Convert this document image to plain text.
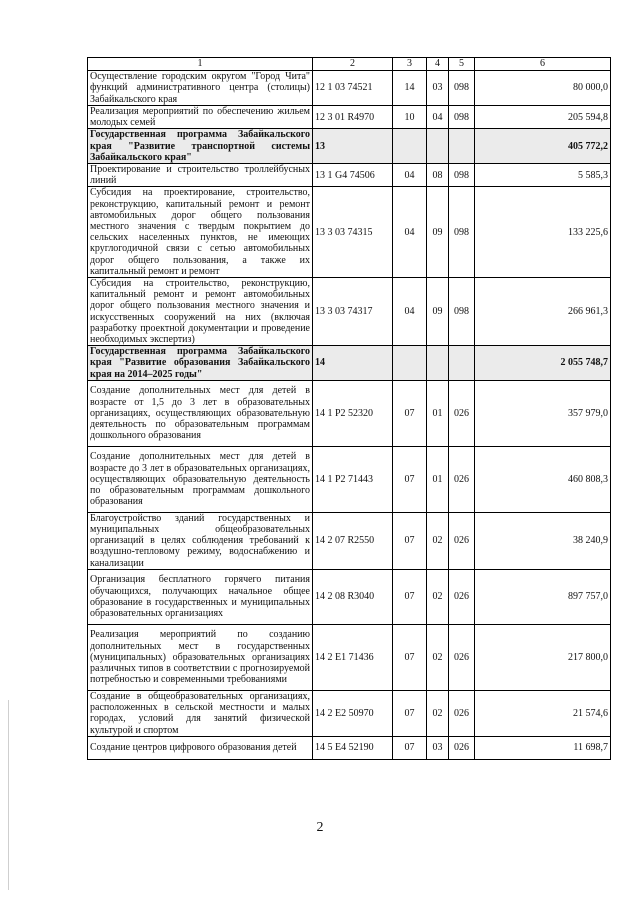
1	2	3	4	5	6
Осуществление городским округом "Город Чита" функций административного центра (столицы) Забайкальского края	12 1 03 74521	14	03	098	80 000,0
Реализация мероприятий по обеспечению жильем молодых семей	12 3 01 R4970	10	04	098	205 594,8
Государственная программа Забайкальского края "Развитие транспортной системы Забайкальского края"	13				405 772,2
Проектирование и строительство троллейбусных линий	13 1 G4 74506	04	08	098	5 585,3
Субсидия на проектирование, строительство, реконструкцию, капитальный ремонт и ремонт автомобильных дорог общего пользования местного значения с твердым покрытием до сельских населенных пунктов, не имеющих круглогодичной связи с сетью автомобильных дорог общего пользования, а также их капитальный ремонт и ремонт	13 3 03 74315	04	09	098	133 225,6
Субсидия на строительство, реконструкцию, капитальный ремонт и ремонт автомобильных дорог общего пользования местного значения и искусственных сооружений на них (включая разработку проектной документации и проведение необходимых экспертиз)	13 3 03 74317	04	09	098	266 961,3
Государственная программа Забайкальского края "Развитие образования Забайкальского края на 2014–2025 годы"	14				2 055 748,7
Создание дополнительных мест для детей в возрасте от 1,5 до 3 лет в образовательных организациях, осуществляющих образовательную деятельность по образовательным программам дошкольного образования	14 1 P2 52320	07	01	026	357 979,0
Создание дополнительных мест для детей в возрасте до 3 лет в образовательных организациях, осуществляющих образовательную деятельность по образовательным программам дошкольного образования	14 1 P2 71443	07	01	026	460 808,3
Благоустройство зданий государственных и муниципальных общеобразовательных организаций в целях соблюдения требований к воздушно-тепловому режиму, водоснабжению и канализации	14 2 07 R2550	07	02	026	38 240,9
Организация бесплатного горячего питания обучающихся, получающих начальное общее образование в государственных и муниципальных образовательных организациях	14 2 08 R3040	07	02	026	897 757,0
Реализация мероприятий по созданию дополнительных мест в государственных (муниципальных) образовательных организациях различных типов в соответствии с прогнозируемой потребностью и современными требованиями	14 2 E1 71436	07	02	026	217 800,0
Создание в общеобразовательных организациях, расположенных в сельской местности и малых городах, условий для занятий физической культурой и спортом	14 2 E2 50970	07	02	026	21 574,6
Создание центров цифрового образования детей	14 5 E4 52190	07	03	026	11 698,7
2
